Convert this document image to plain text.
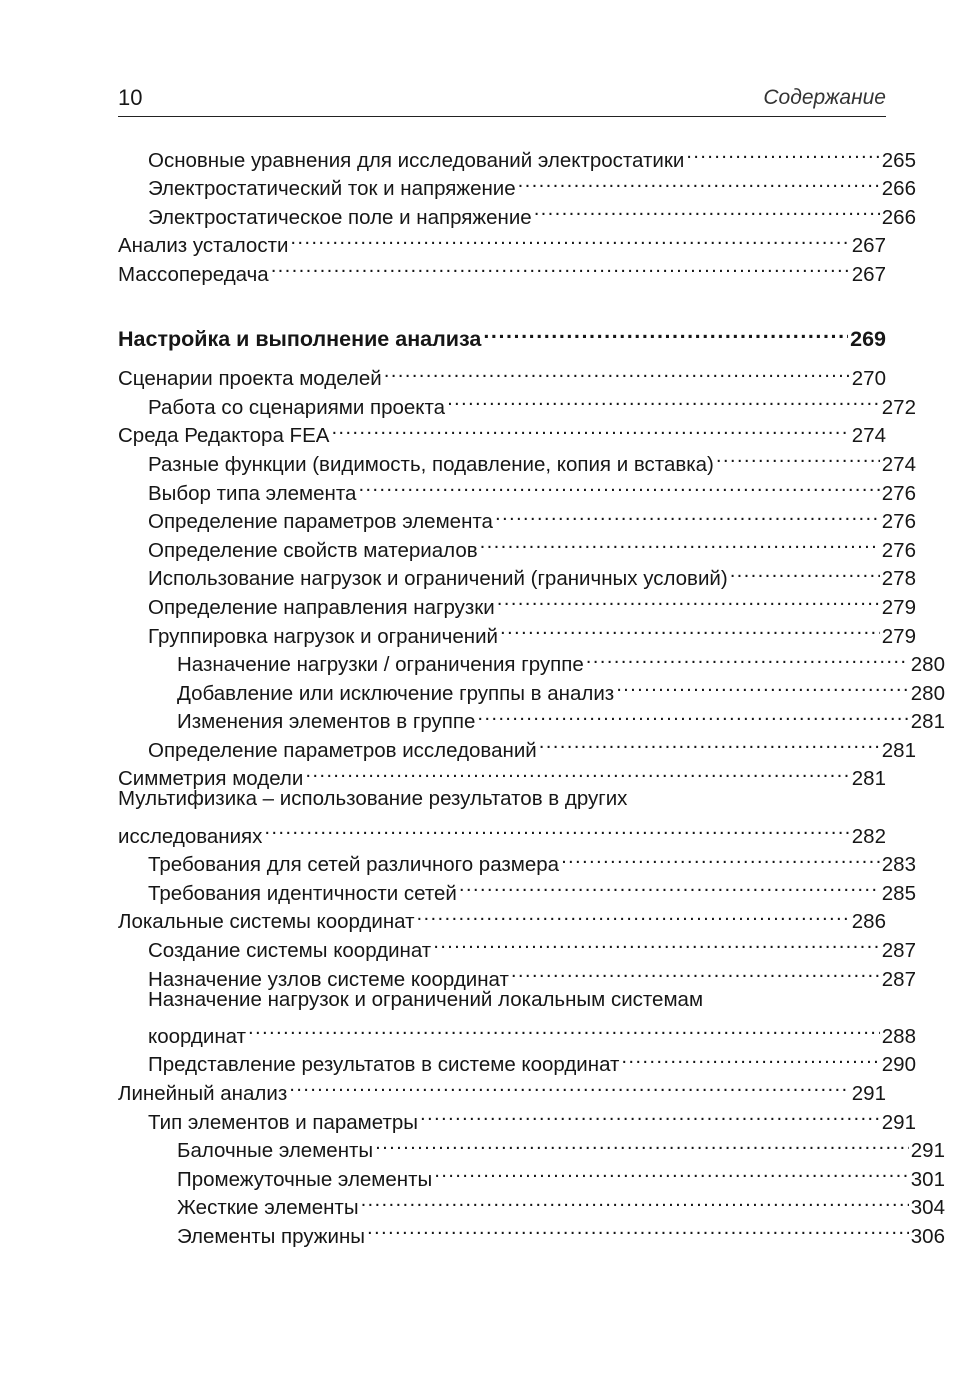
10	Содержание
Основные уравнения для исследований электростатики . . .	265
Электростатический ток и напряжение . . .	266
Электростатическое поле и напряжение . . .	266
Анализ усталости . . .	267
Массопередача . . .	267
Настройка и выполнение анализа . . .	269
Сценарии проекта моделей . . .	270
Работа со сценариями проекта . . .	272
Среда Редактора FEA . . .	274
Разные функции (видимость, подавление, копия и вставка) . . .	274
Выбор типа элемента . . .	276
Определение параметров элемента . . .	276
Определение свойств материалов . . .	276
Использование нагрузок и ограничений (граничных условий) . . .	278
Определение направления нагрузки . . .	279
Группировка нагрузок и ограничений . . .	279
Назначение нагрузки / ограничения группе . . .	280
Добавление или исключение группы в анализ . . .	280
Изменения элементов в группе . . .	281
Определение параметров исследований . . .	281
Симметрия модели . . .	281
Мультифизика – использование результатов в других
исследованиях . . .	282
Требования для сетей различного размера . . .	283
Требования идентичности сетей . . .	285
Локальные системы координат . . .	286
Создание системы координат . . .	287
Назначение узлов системе координат . . .	287
Назначение нагрузок и ограничений локальным системам
координат . . .	288
Представление результатов в системе координат . . .	290
Линейный анализ . . .	291
Тип элементов и параметры . . .	291
Балочные элементы . . .	291
Промежуточные элементы . . .	301
Жесткие элементы . . .	304
Элементы пружины . . .	306
